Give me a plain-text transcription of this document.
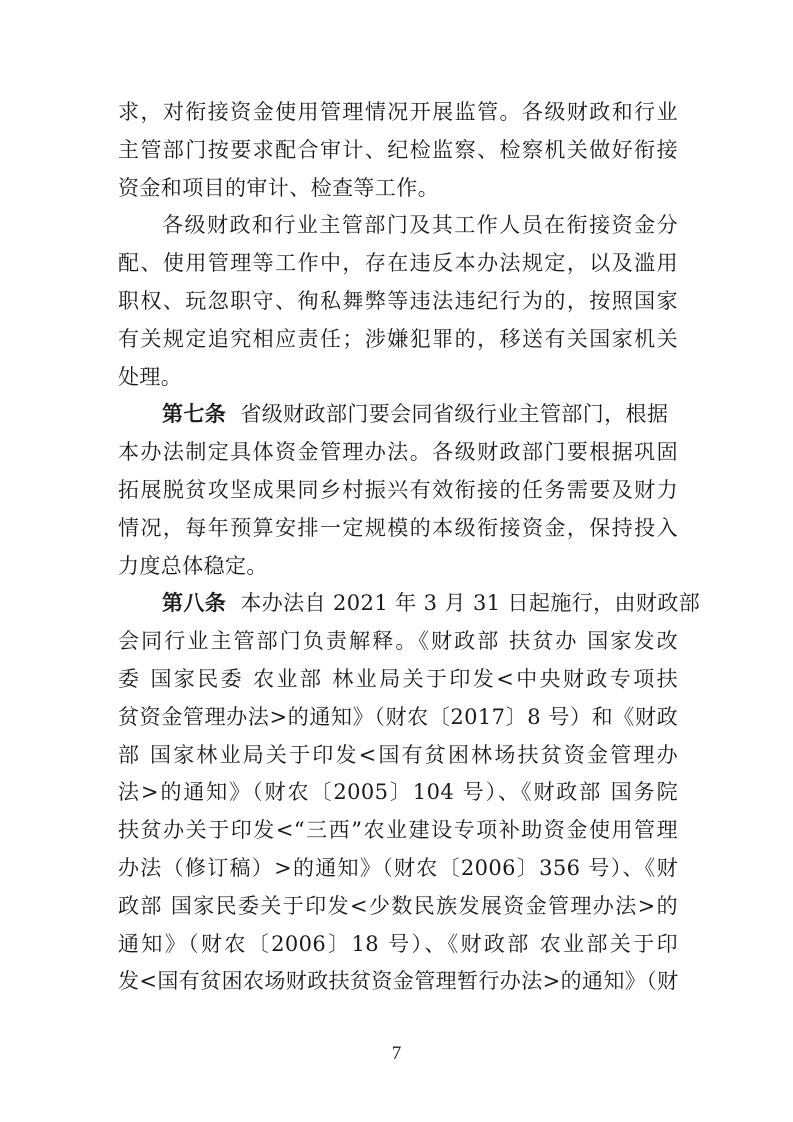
求，对衔接资金使用管理情况开展监管。各级财政和行业
主管部门按要求配合审计、纪检监察、检察机关做好衔接
资金和项目的审计、检查等工作。
各级财政和行业主管部门及其工作人员在衔接资金分
配、使用管理等工作中，存在违反本办法规定，以及滥用
职权、玩忽职守、徇私舞弊等违法违纪行为的，按照国家
有关规定追究相应责任；涉嫌犯罪的，移送有关国家机关
处理。
第七条 省级财政部门要会同省级行业主管部门，根据
本办法制定具体资金管理办法。各级财政部门要根据巩固
拓展脱贫攻坚成果同乡村振兴有效衔接的任务需要及财力
情况，每年预算安排一定规模的本级衔接资金，保持投入
力度总体稳定。
第八条 本办法自 2021 年 3 月 31 日起施行，由财政部
会同行业主管部门负责解释。《财政部 扶贫办 国家发改
委 国家民委 农业部 林业局关于印发<中央财政专项扶
贫资金管理办法>的通知》（财农〔2017〕8 号）和《财政
部 国家林业局关于印发<国有贫困林场扶贫资金管理办
法>的通知》（财农〔2005〕104 号）、《财政部 国务院
扶贫办关于印发<“三西”农业建设专项补助资金使用管理
办法（修订稿）>的通知》（财农〔2006〕356 号）、《财
政部 国家民委关于印发<少数民族发展资金管理办法>的
通知》（财农〔2006〕18 号）、《财政部 农业部关于印
发<国有贫困农场财政扶贫资金管理暂行办法>的通知》（财
7
